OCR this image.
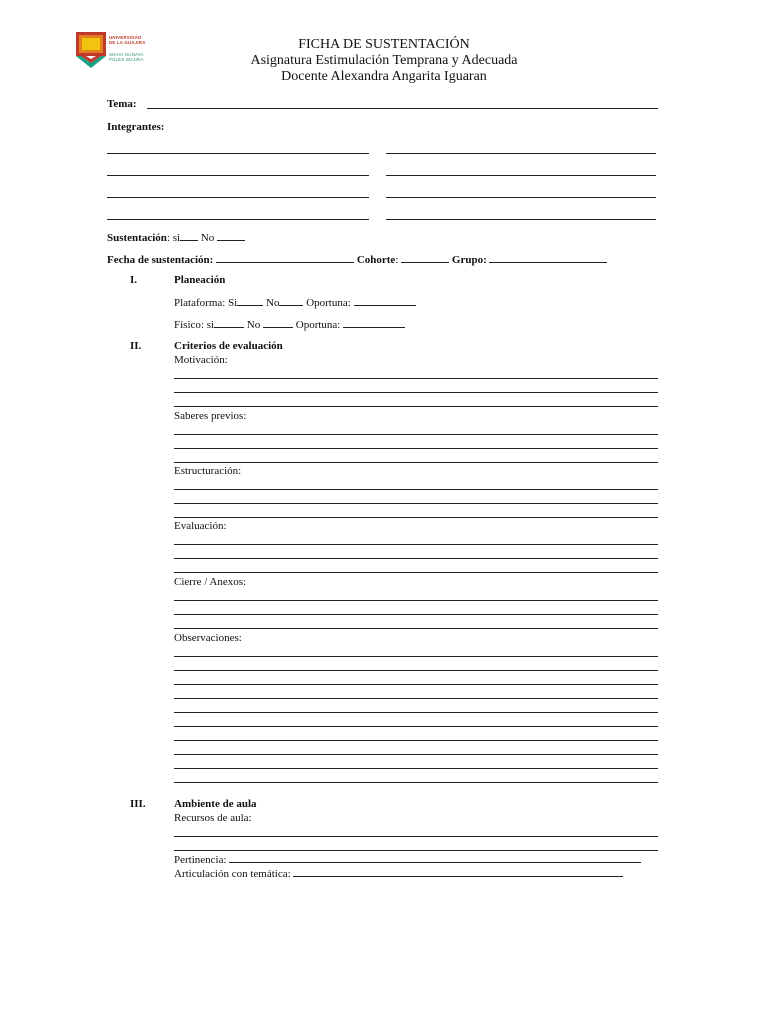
UNIVERSIDAD
DE LA GUAJIRA
SHAAI OUNAYA
PÜLES WAJIRA
FICHA DE SUSTENTACIÓN
Asignatura Estimulación Temprana y Adecuada
Docente Alexandra Angarita Iguaran
Tema:
Integrantes:
Sustentación: si No
Fecha de sustentación:	Cohorte:	Grupo:
I.	Planeación
Plataforma: Si	No Oportuna:
Físico: si	No	Oportuna:
II.	Criterios de evaluación
Motivación:
Saberes previos:
Estructuración:
Evaluación:
Cierre / Anexos:
Observaciones:
III.	Ambiente de aula
Recursos de aula:
Pertinencia:
Articulación con temática:
